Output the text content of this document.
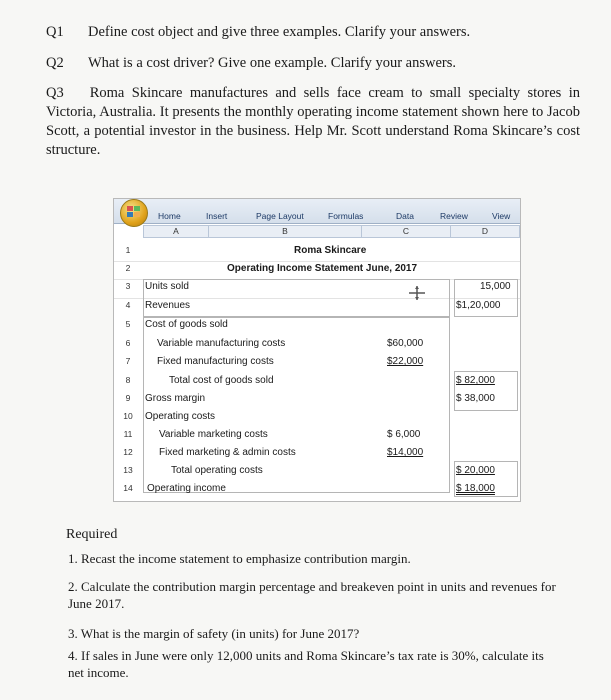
Q1 Define cost object and give three examples. Clarify your answers.
Q2 What is a cost driver? Give one example. Clarify your answers.
Q3 Roma Skincare manufactures and sells face cream to small specialty stores in Victoria, Australia. It presents the monthly operating income statement shown here to Jacob Scott, a potential investor in the business. Help Mr. Scott understand Roma Skincare’s cost structure.
Home	Insert	Page Layout	Formulas	Data	Review	View
A	B	C	D
1
2
3
4
5
6
7
8
9
10
11
12
13
14
Roma Skincare
Operating Income Statement June, 2017
Units sold	15,000
Revenues	$1,20,000
Cost of goods sold
Variable manufacturing costs	$60,000
Fixed manufacturing costs	$22,000
Total cost of goods sold	$ 82,000
Gross margin	$ 38,000
Operating costs
Variable marketing costs	$ 6,000
Fixed marketing & admin costs	$14,000
Total operating costs	$ 20,000
Operating income	$ 18,000
Required
1. Recast the income statement to emphasize contribution margin.
2. Calculate the contribution margin percentage and breakeven point in units and revenues for June 2017.
3. What is the margin of safety (in units) for June 2017?
4. If sales in June were only 12,000 units and Roma Skincare’s tax rate is 30%, calculate its net income.
